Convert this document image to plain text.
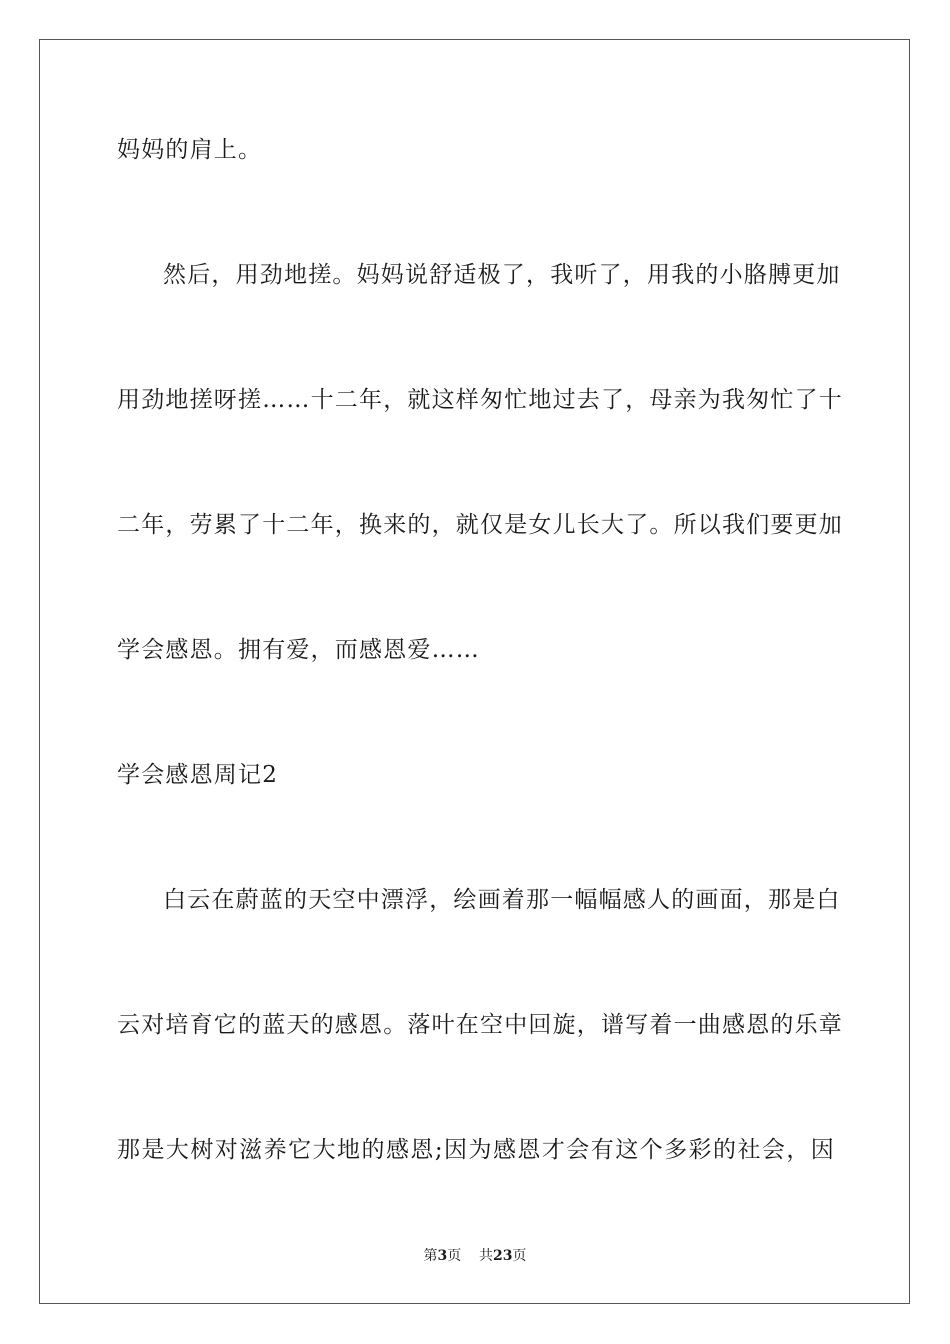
妈妈的肩上。
然后，用劲地搓。妈妈说舒适极了，我听了，用我的小胳膊更加
用劲地搓呀搓……十二年，就这样匆忙地过去了，母亲为我匆忙了十
二年，劳累了十二年，换来的，就仅是女儿长大了。所以我们要更加
学会感恩。拥有爱，而感恩爱……
学会感恩周记2
白云在蔚蓝的天空中漂浮，绘画着那一幅幅感人的画面，那是白
云对培育它的蓝天的感恩。落叶在空中回旋，谱写着一曲感恩的乐章
那是大树对滋养它大地的感恩;因为感恩才会有这个多彩的社会，因
第3页 共23页
